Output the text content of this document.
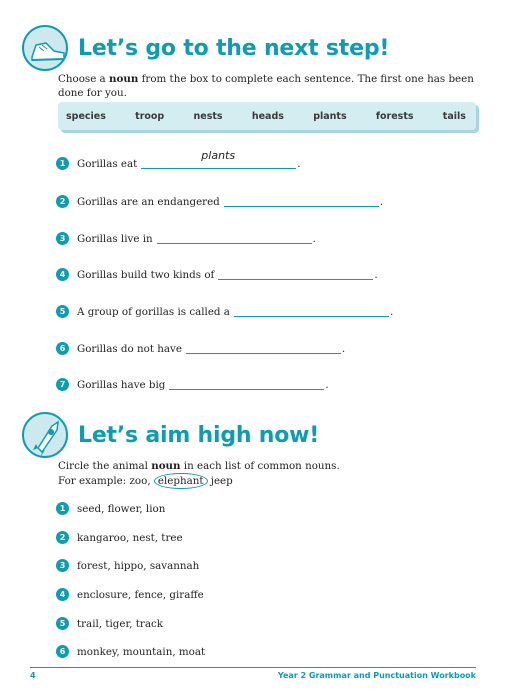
Let’s go to the next step!
Choose a noun from the box to complete each sentence. The first one has been done for you.
species	troop	nests	heads	plants	forests	tails
1	Gorillas eat
plants
.
2	Gorillas are an endangered	.
3	Gorillas live in	.
4	Gorillas build two kinds of	.
5	A group of gorillas is called a	.
6	Gorillas do not have	.
7	Gorillas have big	.
Let’s aim high now!
Circle the animal noun in each list of common nouns.
For example: zoo, elephant jeep
1	seed, flower, lion
2	kangaroo, nest, tree
3	forest, hippo, savannah
4	enclosure, fence, giraffe
5	trail, tiger, track
6	monkey, mountain, moat
4	Year 2 Grammar and Punctuation Workbook
